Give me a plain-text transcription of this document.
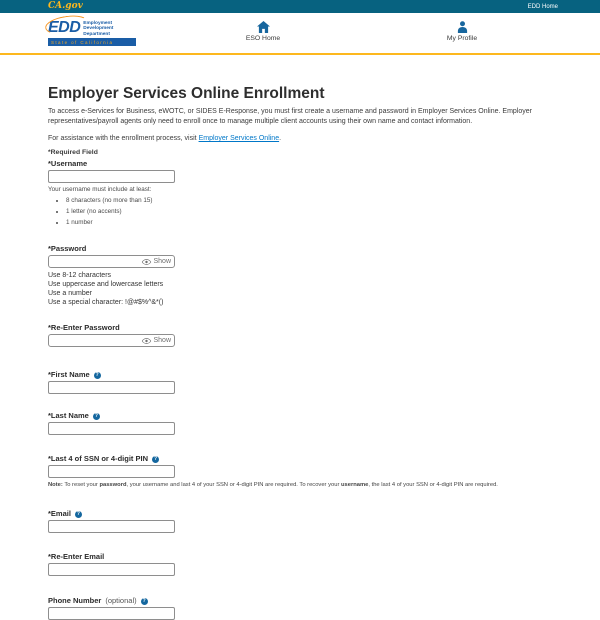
CA.gov	EDD Home
EDD Employment
Development
Department
State of California
ESO Home	My Profile
Employer Services Online Enrollment

To access e-Services for Business, eWOTC, or SIDES E-Response, you must first create a username and password in Employer Services Online. Employer representatives/payroll agents only need to enroll once to manage multiple client accounts using their own name and contact information.

For assistance with the enrollment process, visit Employer Services Online.

*Required Field

*Username
Your username must include at least:
• 8 characters (no more than 15)
• 1 letter (no accents)
• 1 number
*Password
Show
Use 8-12 characters
Use uppercase and lowercase letters
Use a number
Use a special character: !@#$%^&*()
*Re-Enter Password
Show
*First Name
?
*Last Name
?
*Last 4 of SSN or 4-digit PIN
?
Note: To reset your password, your username and last 4 of your SSN or 4-digit PIN are required. To recover your username, the last 4 of your SSN or 4-digit PIN are required.
*Email
?
*Re-Enter Email
Phone Number (optional)
?
